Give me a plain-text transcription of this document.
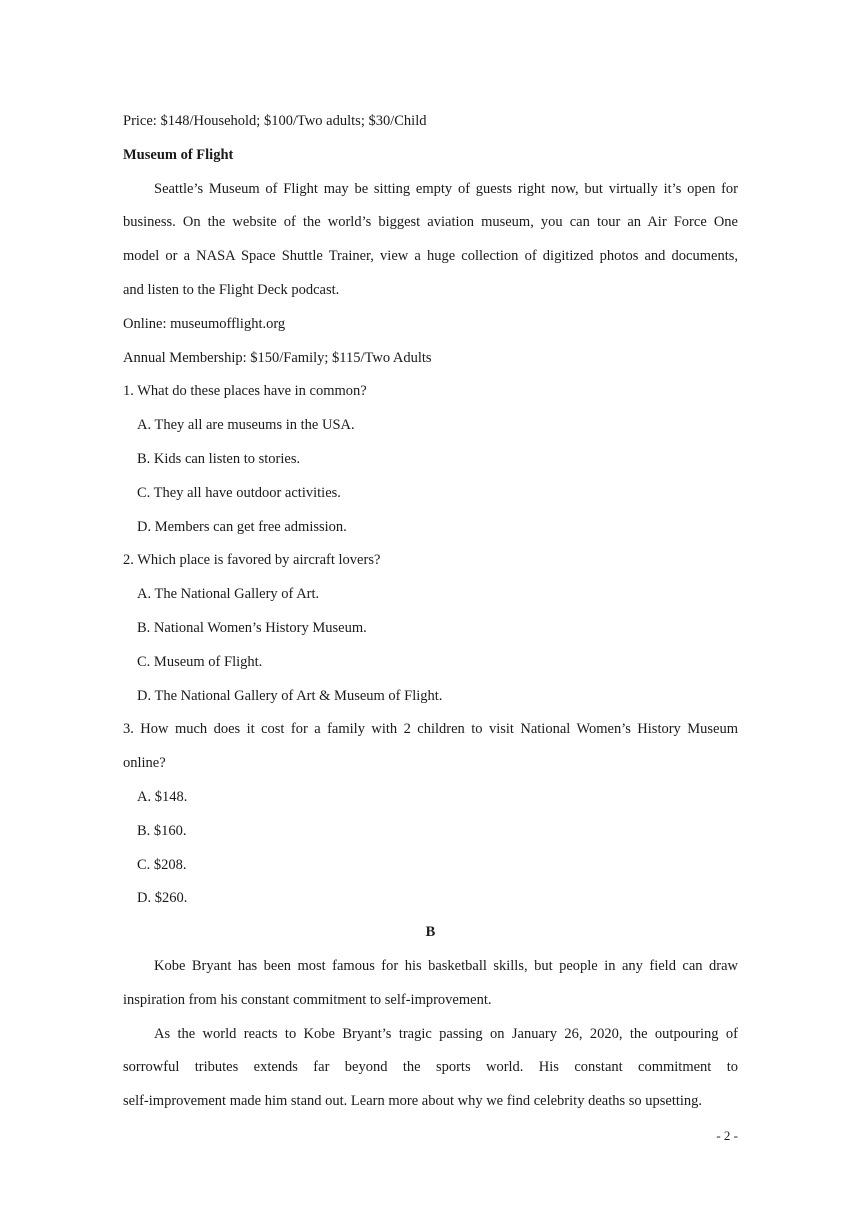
Price: $148/Household; $100/Two adults; $30/Child
Museum of Flight
Seattle’s Museum of Flight may be sitting empty of guests right now, but virtually it’s open for
business. On the website of the world’s biggest aviation museum, you can tour an Air Force One
model or a NASA Space Shuttle Trainer, view a huge collection of digitized photos and documents,
and listen to the Flight Deck podcast.
Online: museumofflight.org
Annual Membership: $150/Family; $115/Two Adults
1. What do these places have in common?
A. They all are museums in the USA.
B. Kids can listen to stories.
C. They all have outdoor activities.
D. Members can get free admission.
2. Which place is favored by aircraft lovers?
A. The National Gallery of Art.
B. National Women’s History Museum.
C. Museum of Flight.
D. The National Gallery of Art & Museum of Flight.
3. How much does it cost for a family with 2 children to visit National Women’s History Museum
online?
A. $148.
B. $160.
C. $208.
D. $260.
B
Kobe Bryant has been most famous for his basketball skills, but people in any field can draw
inspiration from his constant commitment to self-improvement.
As the world reacts to Kobe Bryant’s tragic passing on January 26, 2020, the outpouring of
sorrowful tributes extends far beyond the sports world. His constant commitment to
self-improvement made him stand out. Learn more about why we find celebrity deaths so upsetting.
- 2 -
